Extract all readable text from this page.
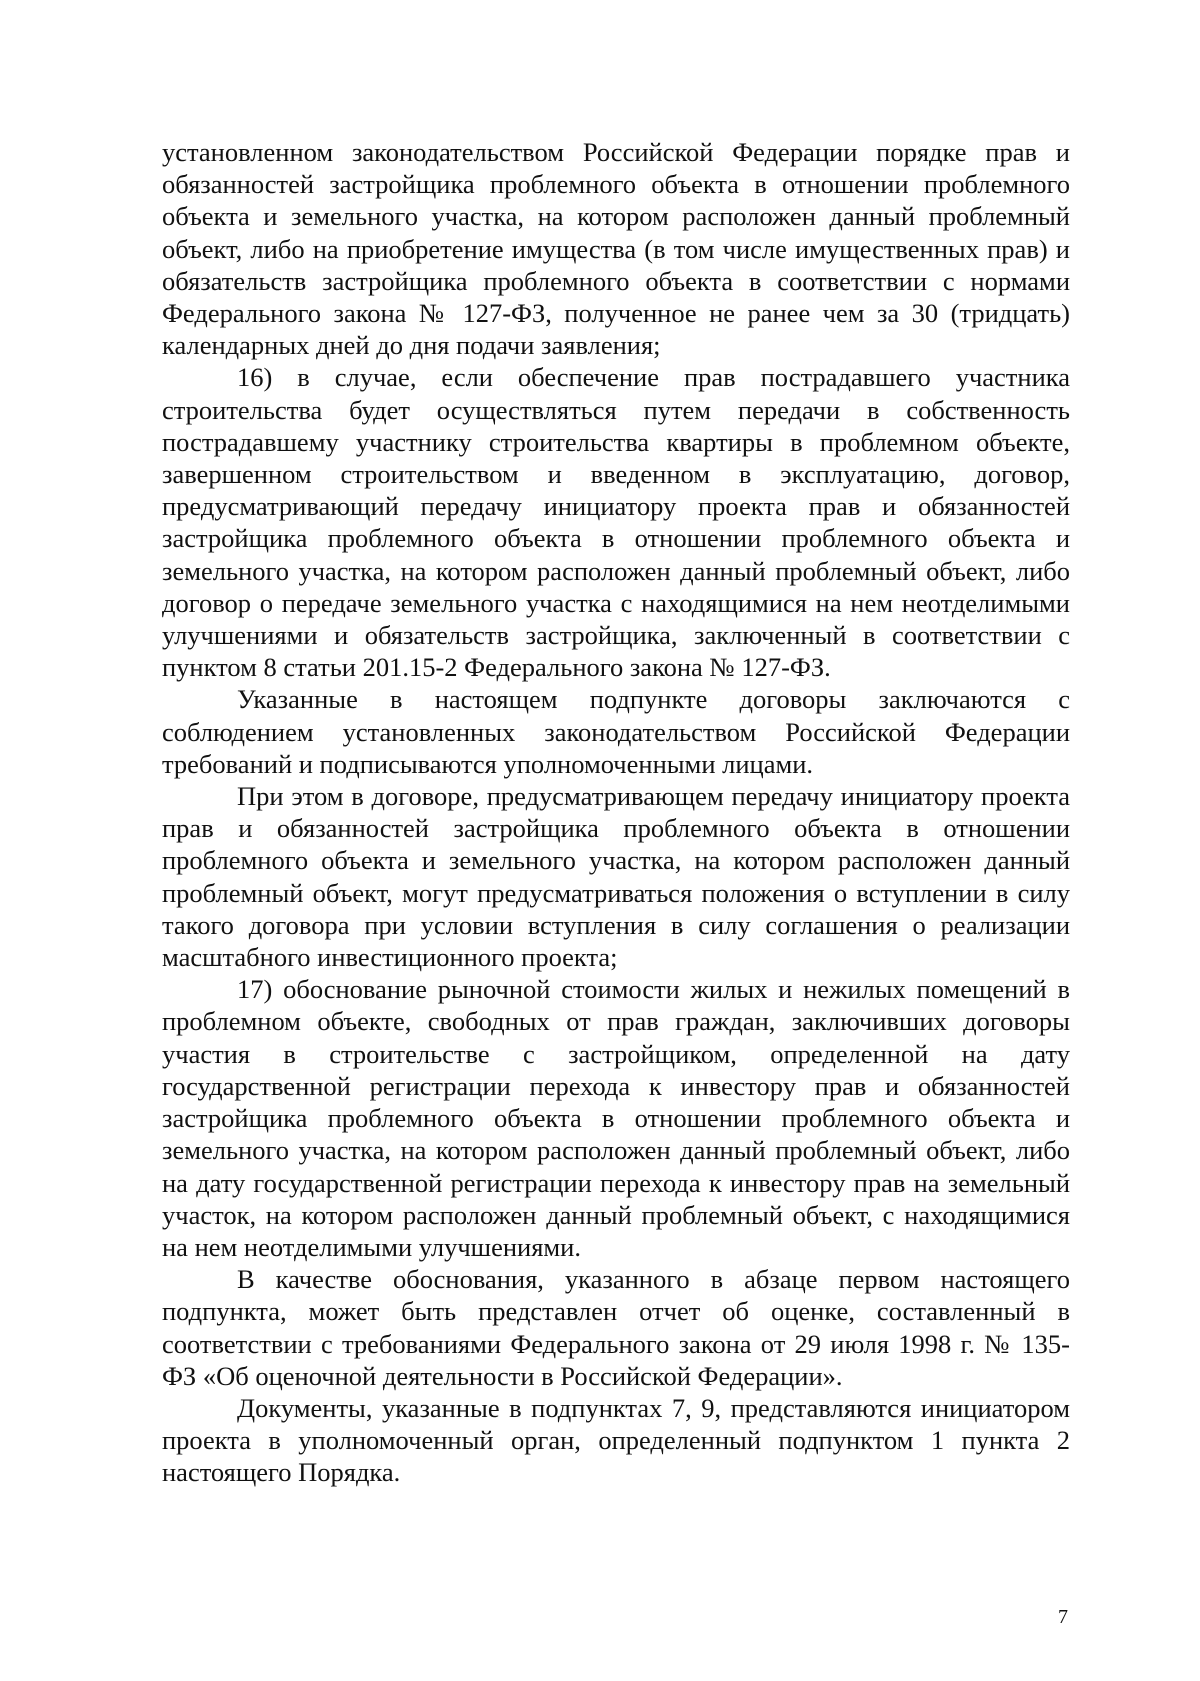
установленном законодательством Российской Федерации порядке прав и обязанностей застройщика проблемного объекта в отношении проблемного объекта и земельного участка, на котором расположен данный проблемный объект, либо на приобретение имущества (в том числе имущественных прав) и обязательств застройщика проблемного объекта в соответствии с нормами Федерального закона № 127-ФЗ, полученное не ранее чем за 30 (тридцать) календарных дней до дня подачи заявления;

16) в случае, если обеспечение прав пострадавшего участника строительства будет осуществляться путем передачи в собственность пострадавшему участнику строительства квартиры в проблемном объекте, завершенном строительством и введенном в эксплуатацию, договор, предусматривающий передачу инициатору проекта прав и обязанностей застройщика проблемного объекта в отношении проблемного объекта и земельного участка, на котором расположен данный проблемный объект, либо договор о передаче земельного участка с находящимися на нем неотделимыми улучшениями и обязательств застройщика, заключенный в соответствии с пунктом 8 статьи 201.15-2 Федерального закона № 127-ФЗ.

Указанные в настоящем подпункте договоры заключаются с соблюдением установленных законодательством Российской Федерации требований и подписываются уполномоченными лицами.

При этом в договоре, предусматривающем передачу инициатору проекта прав и обязанностей застройщика проблемного объекта в отношении проблемного объекта и земельного участка, на котором расположен данный проблемный объект, могут предусматриваться положения о вступлении в силу такого договора при условии вступления в силу соглашения о реализации масштабного инвестиционного проекта;

17) обоснование рыночной стоимости жилых и нежилых помещений в проблемном объекте, свободных от прав граждан, заключивших договоры участия в строительстве с застройщиком, определенной на дату государственной регистрации перехода к инвестору прав и обязанностей застройщика проблемного объекта в отношении проблемного объекта и земельного участка, на котором расположен данный проблемный объект, либо на дату государственной регистрации перехода к инвестору прав на земельный участок, на котором расположен данный проблемный объект, с находящимися на нем неотделимыми улучшениями.

В качестве обоснования, указанного в абзаце первом настоящего подпункта, может быть представлен отчет об оценке, составленный в соответствии с требованиями Федерального закона от 29 июля 1998 г. № 135-ФЗ «Об оценочной деятельности в Российской Федерации».

Документы, указанные в подпунктах 7, 9, представляются инициатором проекта в уполномоченный орган, определенный подпунктом 1 пункта 2 настоящего Порядка.

7
